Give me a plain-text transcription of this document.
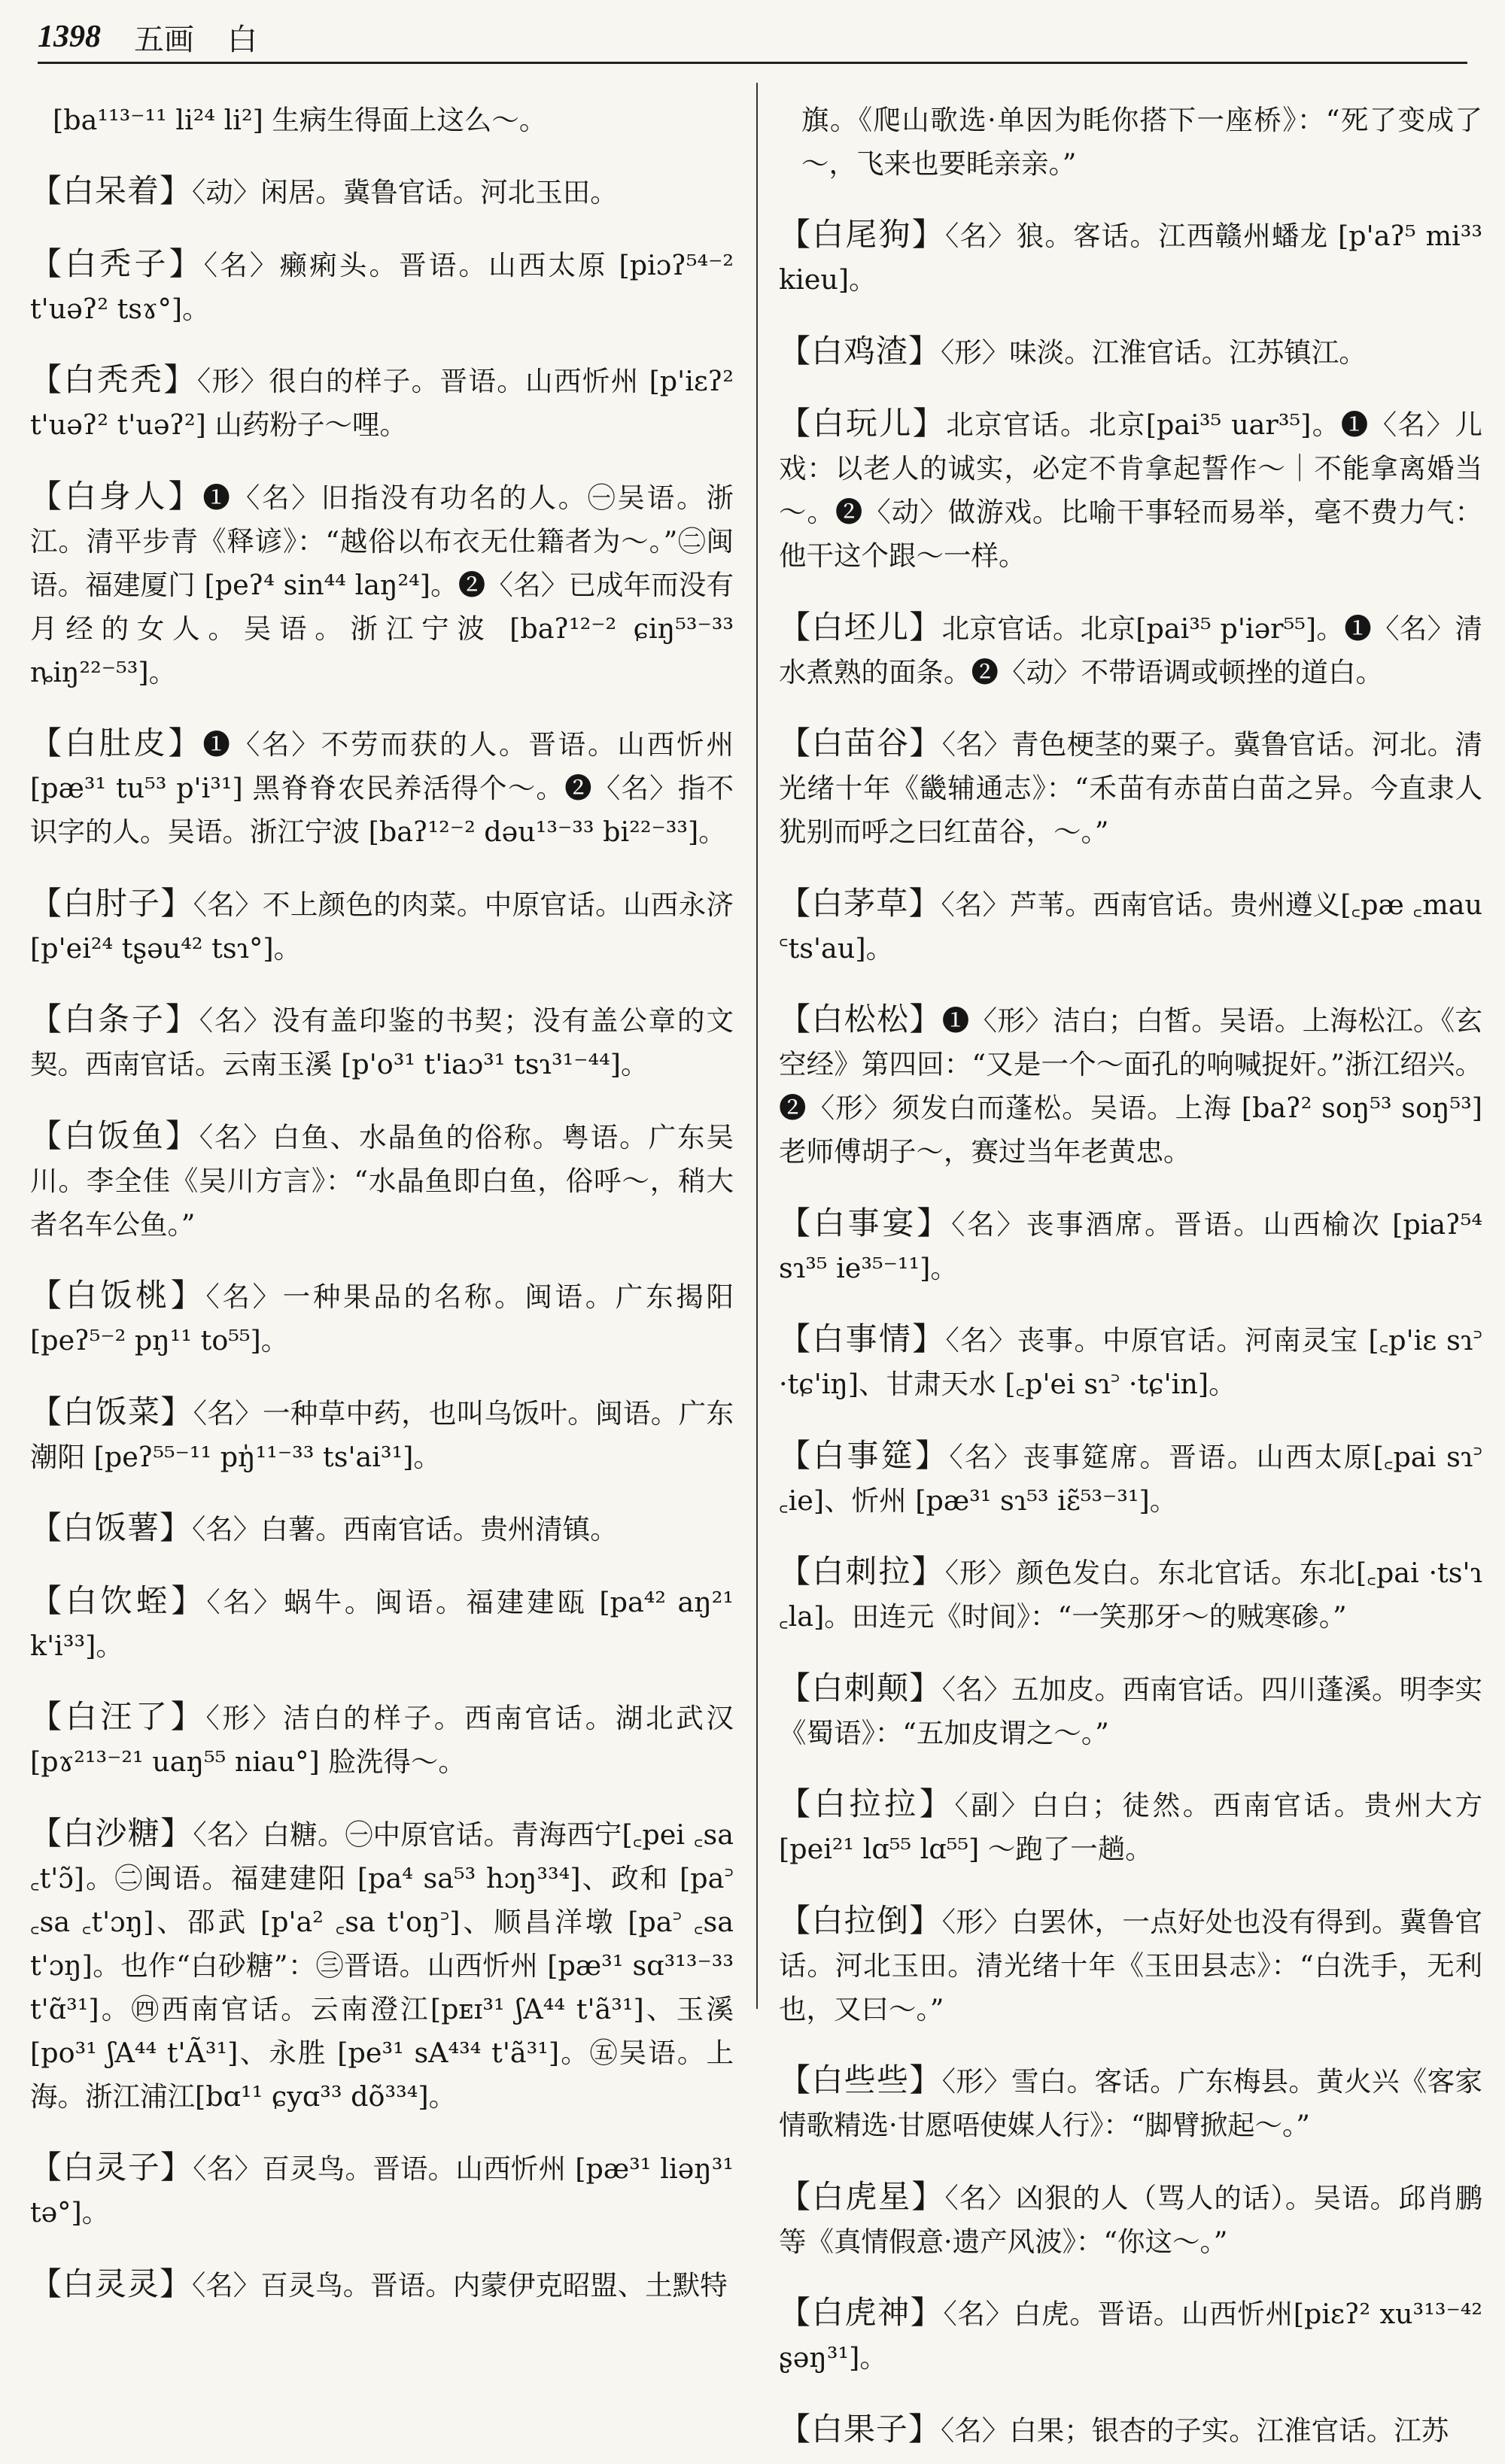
1398 五画 白

[ba¹¹³⁻¹¹ li²⁴ li²] 生病生得面上这么～。

【白呆着】〈动〉闲居。冀鲁官话。河北玉田。

【白秃子】〈名〉癞痢头。晋语。山西太原 [piɔʔ⁵⁴⁻² t'uəʔ² tsɤ°]。

【白秃秃】〈形〉很白的样子。晋语。山西忻州 [p'iɛʔ² t'uəʔ² t'uəʔ²] 山药粉子～哩。

【白身人】❶〈名〉旧指没有功名的人。㊀吴语。浙江。清平步青《释谚》：“越俗以布衣无仕籍者为～。”㊁闽语。福建厦门 [peʔ⁴ sin⁴⁴ laŋ²⁴]。❷〈名〉已成年而没有月经的女人。吴语。浙江宁波 [baʔ¹²⁻² ɕiŋ⁵³⁻³³ ȵiŋ²²⁻⁵³]。

【白肚皮】❶〈名〉不劳而获的人。晋语。山西忻州 [pæ³¹ tu⁵³ p'i³¹] 黑脊脊农民养活得个～。❷〈名〉指不识字的人。吴语。浙江宁波 [baʔ¹²⁻² dəu¹³⁻³³ bi²²⁻³³]。

【白肘子】〈名〉不上颜色的肉菜。中原官话。山西永济 [p'ei²⁴ tʂəu⁴² tsɿ°]。

【白条子】〈名〉没有盖印鉴的书契；没有盖公章的文契。西南官话。云南玉溪 [p'o³¹ t'iaɔ³¹ tsɿ³¹⁻⁴⁴]。

【白饭鱼】〈名〉白鱼、水晶鱼的俗称。粤语。广东吴川。李全佳《吴川方言》：“水晶鱼即白鱼，俗呼～，稍大者名车公鱼。”

【白饭桃】〈名〉一种果品的名称。闽语。广东揭阳 [peʔ⁵⁻² pŋ¹¹ to⁵⁵]。

【白饭菜】〈名〉一种草中药，也叫乌饭叶。闽语。广东潮阳 [peʔ⁵⁵⁻¹¹ pŋ̍¹¹⁻³³ ts'ai³¹]。

【白饭薯】〈名〉白薯。西南官话。贵州清镇。

【白饮蛭】〈名〉蜗牛。闽语。福建建瓯 [pa⁴² aŋ²¹ k'i³³]。

【白汪了】〈形〉洁白的样子。西南官话。湖北武汉 [pɤ²¹³⁻²¹ uaŋ⁵⁵ niau°] 脸洗得～。

【白沙糖】〈名〉白糖。㊀中原官话。青海西宁[꜀pei ꜀sa ꜀t'ɔ̃]。㊁闽语。福建建阳 [pa⁴ sa⁵³ hɔŋ³³⁴]、政和 [pa꜄ ꜀sa ꜀t'ɔŋ]、邵武 [p'a² ꜀sa t'oŋ꜄]、顺昌洋墩 [pa꜄ ꜀sa t'ɔŋ]。也作“白砂糖”：㊂晋语。山西忻州 [pæ³¹ sɑ³¹³⁻³³ t'ɑ̃³¹]。㊃西南官话。云南澄江[pᴇɪ³¹ ʃA⁴⁴ t'ã³¹]、玉溪 [po³¹ ʃA⁴⁴ t'Ã³¹]、永胜 [pe³¹ sA⁴³⁴ t'ã³¹]。㊄吴语。上海。浙江浦江[bɑ¹¹ ɕyɑ³³ dõ³³⁴]。

【白灵子】〈名〉百灵鸟。晋语。山西忻州 [pæ³¹ liəŋ³¹ tə°]。

【白灵灵】〈名〉百灵鸟。晋语。内蒙伊克昭盟、土默特

旗。《爬山歌选·单因为眊你搭下一座桥》：“死了变成了～，飞来也要眊亲亲。”

【白尾狗】〈名〉狼。客话。江西赣州蟠龙 [p'aʔ⁵ mi³³ kieu]。

【白鸡渣】〈形〉味淡。江淮官话。江苏镇江。

【白玩儿】北京官话。北京[pai³⁵ uar³⁵]。❶〈名〉儿戏：以老人的诚实，必定不肯拿起誓作～｜不能拿离婚当～。❷〈动〉做游戏。比喻干事轻而易举，毫不费力气：他干这个跟～一样。

【白坯儿】北京官话。北京[pai³⁵ p'iər⁵⁵]。❶〈名〉清水煮熟的面条。❷〈动〉不带语调或顿挫的道白。

【白苗谷】〈名〉青色梗茎的粟子。冀鲁官话。河北。清光绪十年《畿辅通志》：“禾苗有赤苗白苗之异。今直隶人犹别而呼之曰红苗谷，～。”

【白茅草】〈名〉芦苇。西南官话。贵州遵义[꜀pæ ꜀mau ꜂ts'au]。

【白松松】❶〈形〉洁白；白皙。吴语。上海松江。《玄空经》第四回：“又是一个～面孔的响喊捉奸。”浙江绍兴。❷〈形〉须发白而蓬松。吴语。上海 [baʔ² soŋ⁵³ soŋ⁵³] 老师傅胡子～，赛过当年老黄忠。

【白事宴】〈名〉丧事酒席。晋语。山西榆次 [piaʔ⁵⁴ sɿ³⁵ ie³⁵⁻¹¹]。

【白事情】〈名〉丧事。中原官话。河南灵宝 [꜀p'iɛ sɿ꜄ ·tɕ'iŋ]、甘肃天水 [꜀p'ei sɿ꜄ ·tɕ'in]。

【白事筵】〈名〉丧事筵席。晋语。山西太原[꜀pai sɿ꜄ ꜀ie]、忻州 [pæ³¹ sɿ⁵³ iɛ̃⁵³⁻³¹]。

【白刺拉】〈形〉颜色发白。东北官话。东北[꜀pai ·ts'ɿ ꜀la]。田连元《时间》：“一笑那牙～的贼寒碜。”

【白刺颠】〈名〉五加皮。西南官话。四川蓬溪。明李实《蜀语》：“五加皮谓之～。”

【白拉拉】〈副〉白白；徒然。西南官话。贵州大方[pei²¹ lɑ⁵⁵ lɑ⁵⁵] ～跑了一趟。

【白拉倒】〈形〉白罢休，一点好处也没有得到。冀鲁官话。河北玉田。清光绪十年《玉田县志》：“白洗手，无利也，又曰～。”

【白些些】〈形〉雪白。客话。广东梅县。黄火兴《客家情歌精选·甘愿唔使媒人行》：“脚臂掀起～。”

【白虎星】〈名〉凶狠的人（骂人的话）。吴语。邱肖鹏等《真情假意·遗产风波》：“你这～。”

【白虎神】〈名〉白虎。晋语。山西忻州[piɛʔ² xu³¹³⁻⁴² ʂəŋ³¹]。

【白果子】〈名〉白果；银杏的子实。江淮官话。江苏
